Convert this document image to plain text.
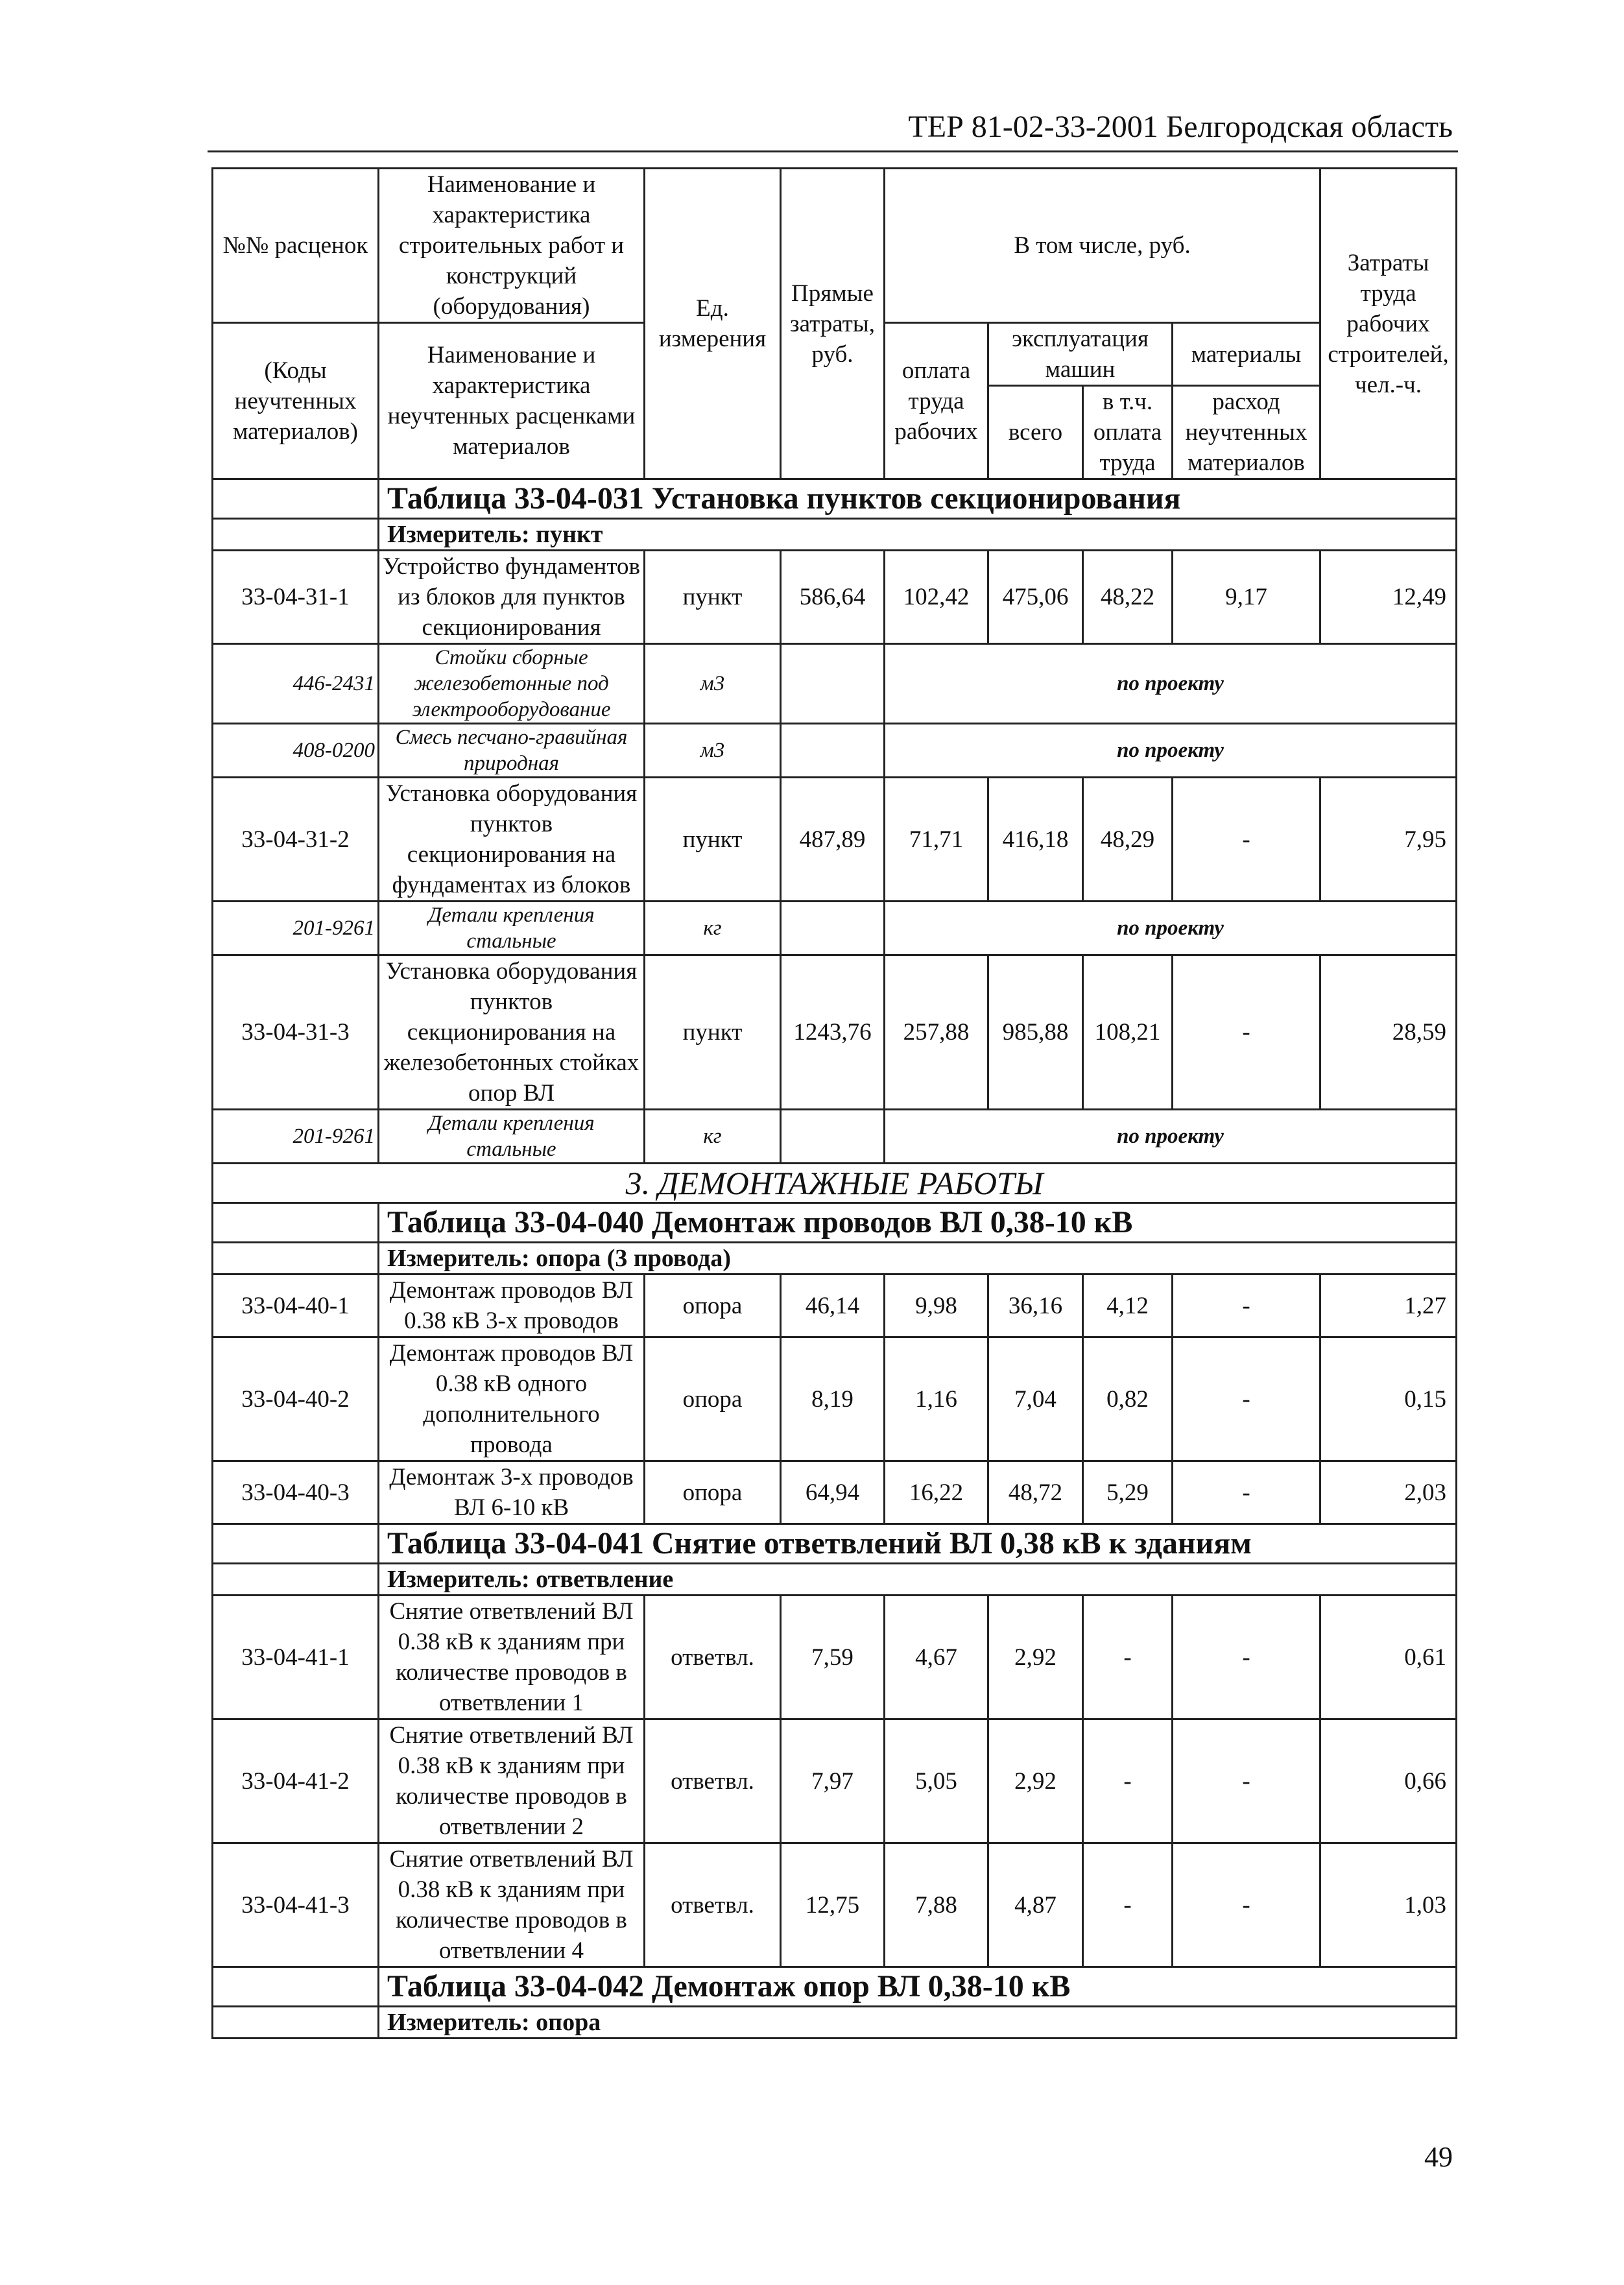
ТЕР 81-02-33-2001 Белгородская область
№№ расценок	Наименование и характеристика строительных работ и конструкций (оборудования)	Ед. измерения	Прямые затраты, руб.	В том числе, руб.				Затраты труда рабочих строителей, чел.-ч.
(Коды неучтенных материалов)	Наименование и характеристика неучтенных расценками материалов			оплата труда рабочих	эксплуатация машин		материалы	
					всего	в т.ч. оплата труда	расход неучтенных материалов	
	Таблица 33-04-031 Установка пунктов секционирования							
	Измеритель: пункт							
33-04-31-1	Устройство фундаментов из блоков для пунктов секционирования	пункт	586,64	102,42	475,06	48,22	9,17	12,49
446-2431	Стойки сборные железобетонные под электрооборудование	м3		по проекту				
408-0200	Смесь песчано-гравийная природная	м3		по проекту				
33-04-31-2	Установка оборудования пунктов секционирования на фундаментах из блоков	пункт	487,89	71,71	416,18	48,29	-	7,95
201-9261	Детали крепления стальные	кг		по проекту				
33-04-31-3	Установка оборудования пунктов секционирования на железобетонных стойках опор ВЛ	пункт	1243,76	257,88	985,88	108,21	-	28,59
201-9261	Детали крепления стальные	кг		по проекту				
3. ДЕМОНТАЖНЫЕ РАБОТЫ								
	Таблица 33-04-040 Демонтаж проводов ВЛ 0,38-10 кВ							
	Измеритель: опора (3 провода)							
33-04-40-1	Демонтаж проводов ВЛ 0.38 кВ 3-х проводов	опора	46,14	9,98	36,16	4,12	-	1,27
33-04-40-2	Демонтаж проводов ВЛ 0.38 кВ одного дополнительного провода	опора	8,19	1,16	7,04	0,82	-	0,15
33-04-40-3	Демонтаж 3-х проводов ВЛ 6-10 кВ	опора	64,94	16,22	48,72	5,29	-	2,03
	Таблица 33-04-041 Снятие ответвлений ВЛ 0,38 кВ к зданиям							
	Измеритель: ответвление							
33-04-41-1	Снятие ответвлений ВЛ 0.38 кВ к зданиям при количестве проводов в ответвлении 1	ответвл.	7,59	4,67	2,92	-	-	0,61
33-04-41-2	Снятие ответвлений ВЛ 0.38 кВ к зданиям при количестве проводов в ответвлении 2	ответвл.	7,97	5,05	2,92	-	-	0,66
33-04-41-3	Снятие ответвлений ВЛ 0.38 кВ к зданиям при количестве проводов в ответвлении 4	ответвл.	12,75	7,88	4,87	-	-	1,03
	Таблица 33-04-042 Демонтаж опор ВЛ 0,38-10 кВ							
	Измеритель: опора							
49
